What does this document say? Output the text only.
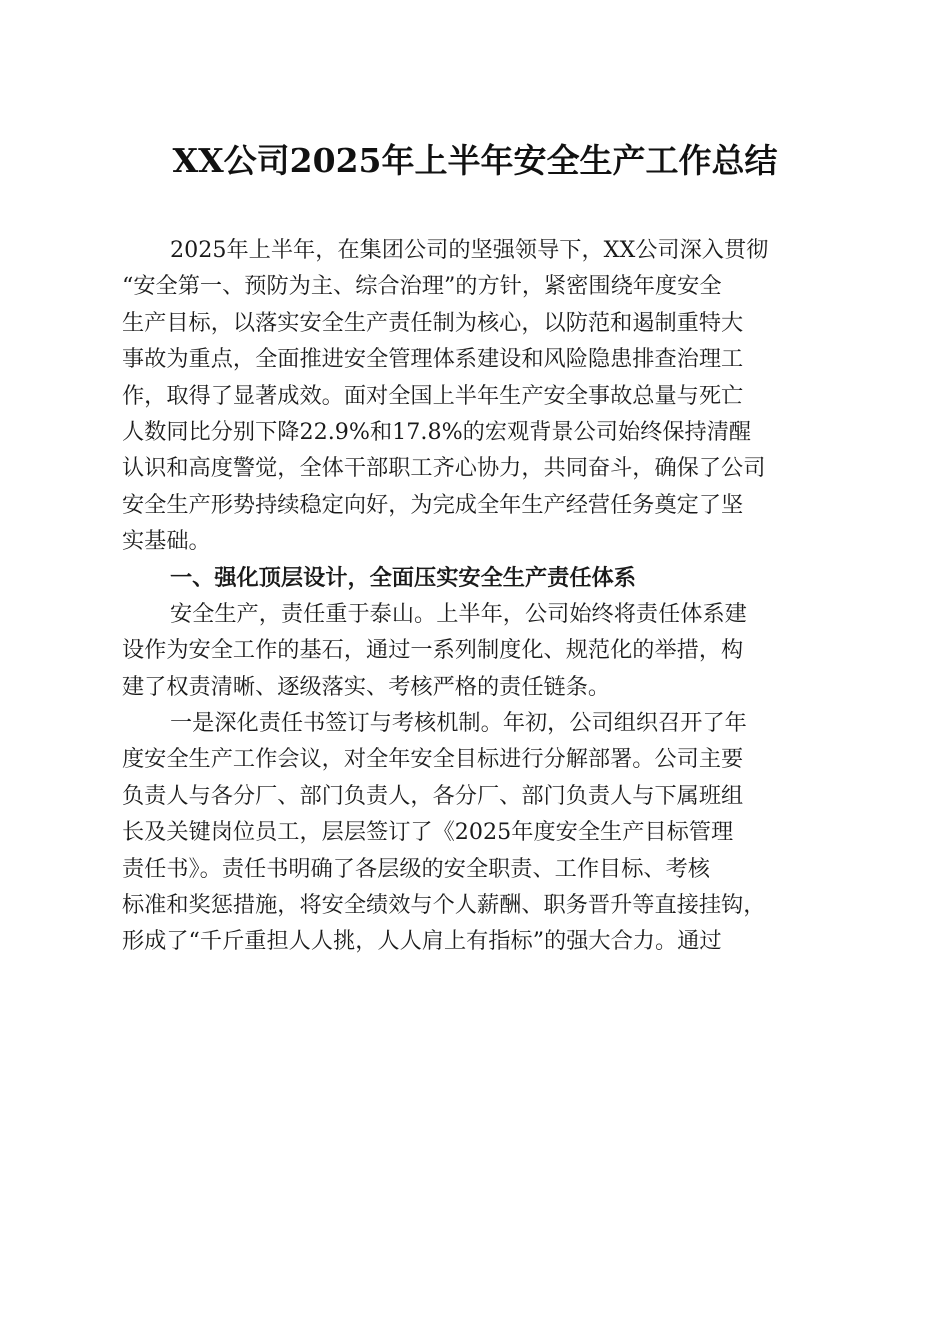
XX公司2025年上半年安全生产工作总结
2025年上半年，在集团公司的坚强领导下，XX公司深入贯彻
“安全第一、预防为主、综合治理”的方针，紧密围绕年度安全
生产目标，以落实安全生产责任制为核心，以防范和遏制重特大
事故为重点，全面推进安全管理体系建设和风险隐患排查治理工
作，取得了显著成效。面对全国上半年生产安全事故总量与死亡
人数同比分别下降22.9%和17.8%的宏观背景公司始终保持清醒
认识和高度警觉，全体干部职工齐心协力，共同奋斗，确保了公司
安全生产形势持续稳定向好，为完成全年生产经营任务奠定了坚
实基础。
一、强化顶层设计，全面压实安全生产责任体系
安全生产，责任重于泰山。上半年，公司始终将责任体系建
设作为安全工作的基石，通过一系列制度化、规范化的举措，构
建了权责清晰、逐级落实、考核严格的责任链条。
一是深化责任书签订与考核机制。年初，公司组织召开了年
度安全生产工作会议，对全年安全目标进行分解部署。公司主要
负责人与各分厂、部门负责人，各分厂、部门负责人与下属班组
长及关键岗位员工，层层签订了《2025年度安全生产目标管理
责任书》。责任书明确了各层级的安全职责、工作目标、考核
标准和奖惩措施，将安全绩效与个人薪酬、职务晋升等直接挂钩，
形成了“千斤重担人人挑，人人肩上有指标”的强大合力。通过
